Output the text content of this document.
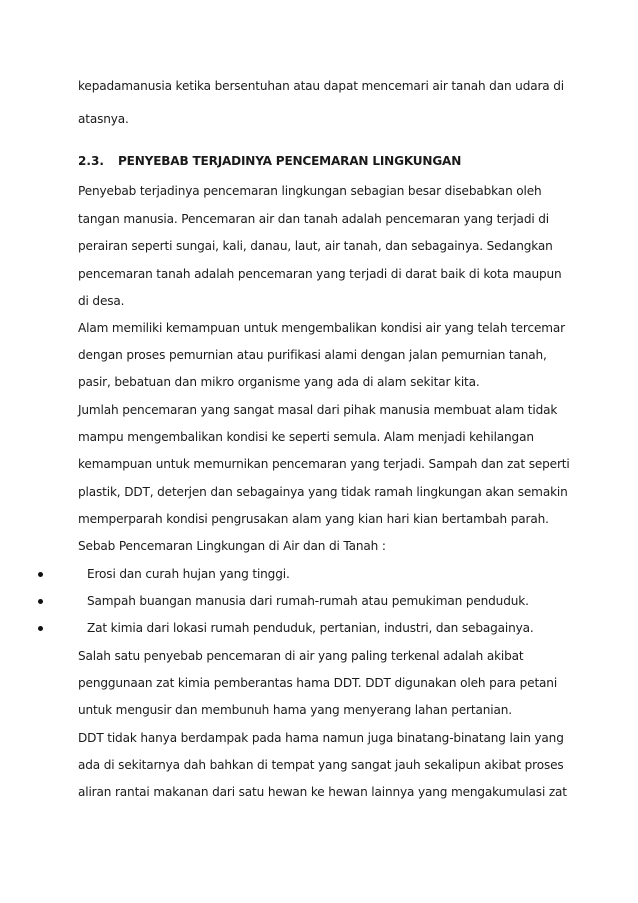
kepadamanusia ketika bersentuhan atau dapat mencemari air tanah dan udara di
atasnya.
2.3. PENYEBAB TERJADINYA PENCEMARAN LINGKUNGAN
Penyebab terjadinya pencemaran lingkungan sebagian besar disebabkan oleh
tangan manusia. Pencemaran air dan tanah adalah pencemaran yang terjadi di
perairan seperti sungai, kali, danau, laut, air tanah, dan sebagainya. Sedangkan
pencemaran tanah adalah pencemaran yang terjadi di darat baik di kota maupun
di desa.
Alam memiliki kemampuan untuk mengembalikan kondisi air yang telah tercemar
dengan proses pemurnian atau purifikasi alami dengan jalan pemurnian tanah,
pasir, bebatuan dan mikro organisme yang ada di alam sekitar kita.
Jumlah pencemaran yang sangat masal dari pihak manusia membuat alam tidak
mampu mengembalikan kondisi ke seperti semula. Alam menjadi kehilangan
kemampuan untuk memurnikan pencemaran yang terjadi. Sampah dan zat seperti
plastik, DDT, deterjen dan sebagainya yang tidak ramah lingkungan akan semakin
memperparah kondisi pengrusakan alam yang kian hari kian bertambah parah.
Sebab Pencemaran Lingkungan di Air dan di Tanah :
Erosi dan curah hujan yang tinggi.
Sampah buangan manusia dari rumah-rumah atau pemukiman penduduk.
Zat kimia dari lokasi rumah penduduk, pertanian, industri, dan sebagainya.
Salah satu penyebab pencemaran di air yang paling terkenal adalah akibat
penggunaan zat kimia pemberantas hama DDT. DDT digunakan oleh para petani
untuk mengusir dan membunuh hama yang menyerang lahan pertanian.
DDT tidak hanya berdampak pada hama namun juga binatang-binatang lain yang
ada di sekitarnya dah bahkan di tempat yang sangat jauh sekalipun akibat proses
aliran rantai makanan dari satu hewan ke hewan lainnya yang mengakumulasi zat
